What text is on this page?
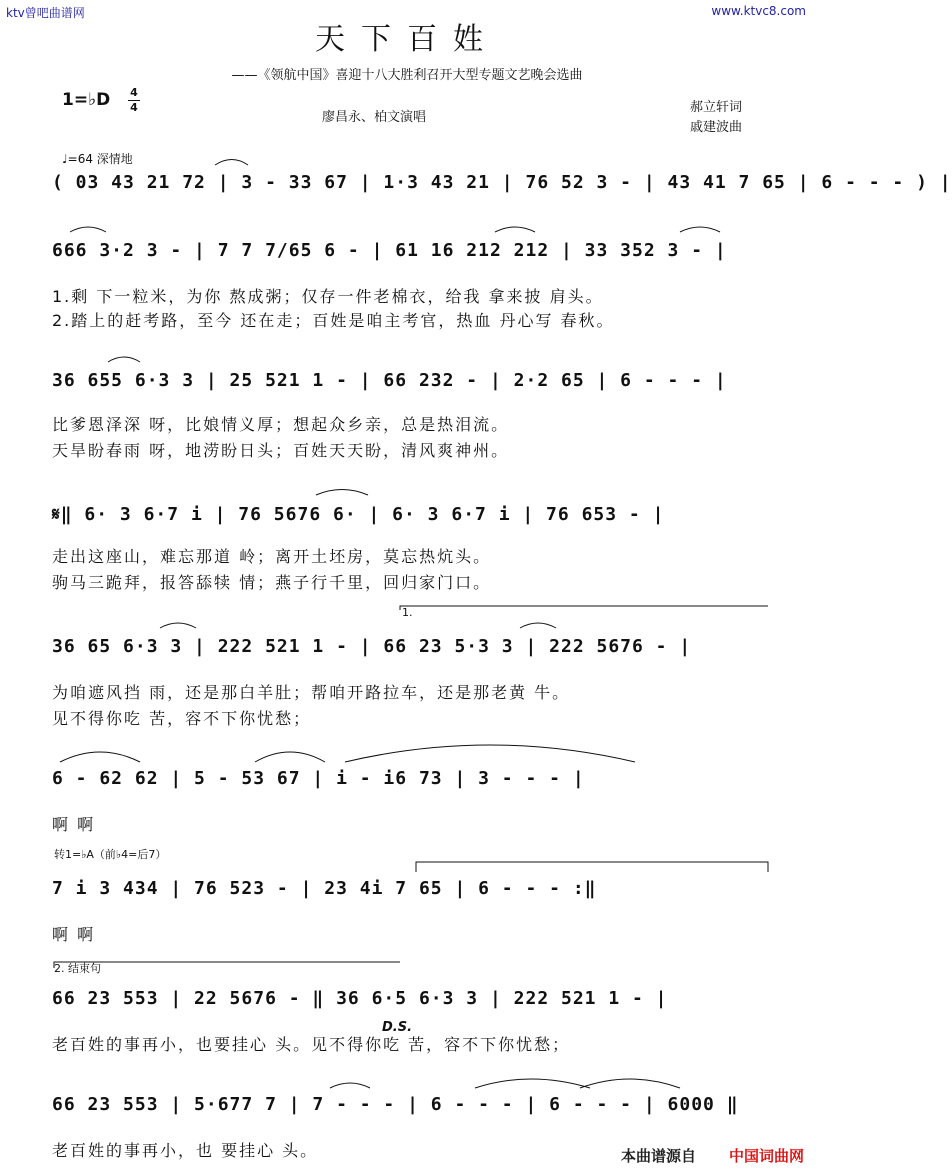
ktv曾吧曲谱网	www.ktvc8.com
天下百姓
——《领航中国》喜迎十八大胜利召开大型专题文艺晚会选曲
1=♭D 4
4
廖昌永、柏文演唱
郝立轩词
戚建波曲
♩=64 深情地
( 03 43 21 72 | 3 - 33 67 | 1·3 43 21 | 76 52 3 - | 43 41 7 65 | 6 - - - ) |
666 3·2 3 - | 7 7 7/65 6 - | 61 16 212 212 | 33 352 3 - |
1.剩 下一粒米，为你 熬成粥；仅存一件老棉衣，给我 拿来披 肩头。
2.踏上的赶考路，至今 还在走；百姓是咱主考官，热血 丹心写 春秋。
36 655 6·3 3 | 25 521 1 - | 66 232 - | 2·2 65 | 6 - - - |
比爹恩泽深 呀，比娘情义厚；想起众乡亲，总是热泪流。
天旱盼春雨 呀，地涝盼日头；百姓天天盼，清风爽神州。
𝄋‖ 6· 3 6·7 i | 76 5676 6· | 6· 3 6·7 i | 76 653 - |
走出这座山，难忘那道 岭；离开土坯房，莫忘热炕头。
驹马三跪拜，报答舔犊 情；燕子行千里，回归家门口。
1.
36 65 6·3 3 | 222 521 1 - | 66 23 5·3 3 | 222 5676 - |
为咱遮风挡 雨，还是那白羊肚；帮咱开路拉车，还是那老黄 牛。
见不得你吃 苦，容不下你忧愁；
6 - 62 62 | 5 - 53 67 | i - i6 73 | 3 - - - |
啊 啊
转1=♭A（前♭4=后7）
7 i 3 434 | 76 523 - | 23 4i 7 65 | 6 - - - :‖
啊 啊
2. 结束句
66 23 553 | 22 5676 - ‖ 36 6·5 6·3 3 | 222 521 1 - |
D.S.
老百姓的事再小，也要挂心 头。见不得你吃 苦，容不下你忧愁；
66 23 553 | 5·677 7 | 7 - - - | 6 - - - | 6 - - - | 6000 ‖
老百姓的事再小，也 要挂心 头。	本曲谱源自 中国词曲网
